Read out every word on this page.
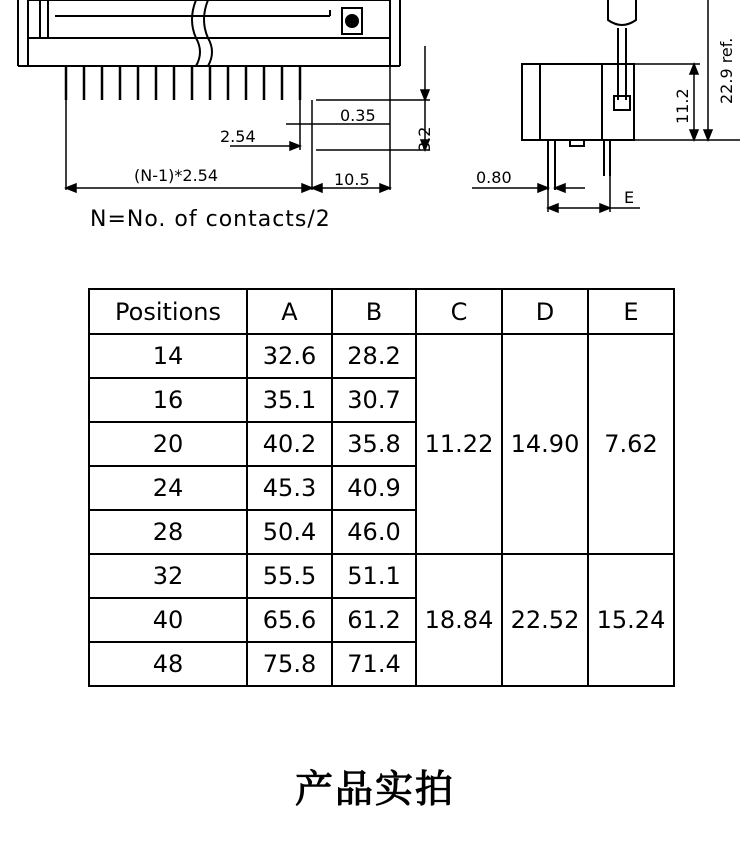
0.35
2.54	3.2
(N-1)*2.54	10.5
22.9 ref.
11.2
0.80
E
N=No. of contacts/2
Positions	A	B	C	D	E
14	32.6	28.2	11.22	14.90	7.62
16	35.1	30.7			
20	40.2	35.8			
24	45.3	40.9			
28	50.4	46.0			
32	55.5	51.1	18.84	22.52	15.24
40	65.6	61.2			
48	75.8	71.4			
产品实拍
